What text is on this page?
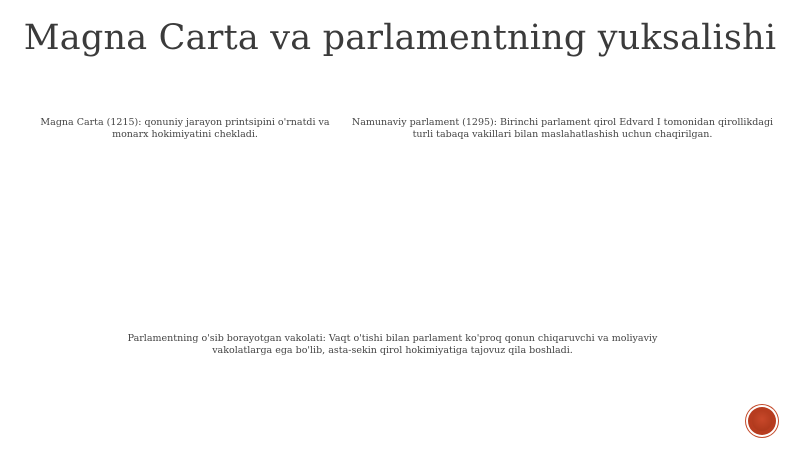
Magna Carta va parlamentning yuksalishi
Magna Carta (1215): qonuniy jarayon printsipini o'rnatdi va monarx hokimiyatini chekladi.
Namunaviy parlament (1295): Birinchi parlament qirol Edvard I tomonidan qirollikdagi turli tabaqa vakillari bilan maslahatlashish uchun chaqirilgan.
Parlamentning o'sib borayotgan vakolati: Vaqt o'tishi bilan parlament ko'proq qonun chiqaruvchi va moliyaviy vakolatlarga ega bo'lib, asta-sekin qirol hokimiyatiga tajovuz qila boshladi.
